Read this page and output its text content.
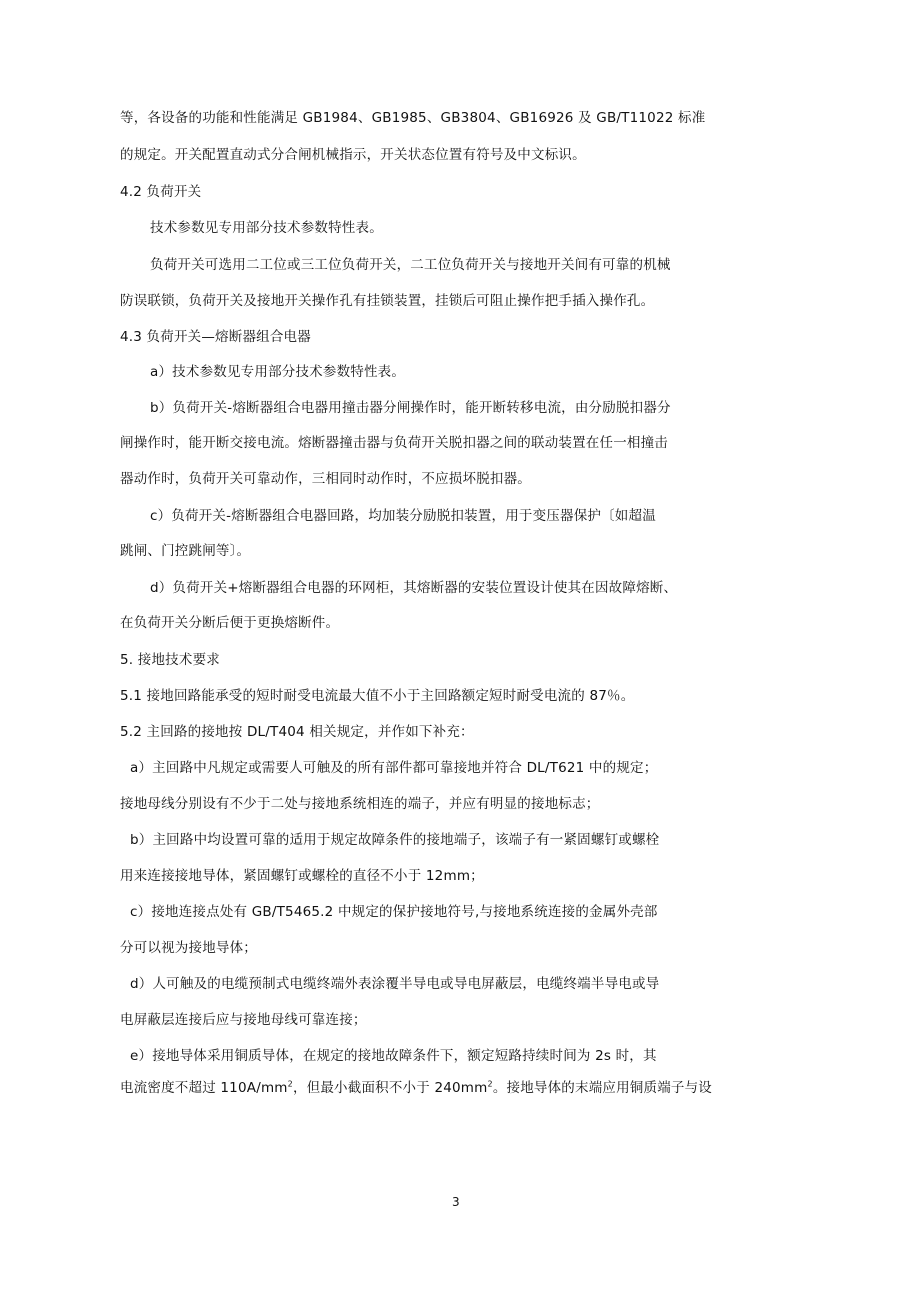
等，各设备的功能和性能满足 GB1984、GB1985、GB3804、GB16926 及 GB/T11022 标准
的规定。开关配置直动式分合闸机械指示，开关状态位置有符号及中文标识。
4.2 负荷开关
技术参数见专用部分技术参数特性表。
负荷开关可选用二工位或三工位负荷开关，二工位负荷开关与接地开关间有可靠的机械
防误联锁，负荷开关及接地开关操作孔有挂锁装置，挂锁后可阻止操作把手插入操作孔。
4.3 负荷开关—熔断器组合电器
a）技术参数见专用部分技术参数特性表。
b）负荷开关-熔断器组合电器用撞击器分闸操作时，能开断转移电流，由分励脱扣器分
闸操作时，能开断交接电流。熔断器撞击器与负荷开关脱扣器之间的联动装置在任一相撞击
器动作时，负荷开关可靠动作，三相同时动作时，不应损坏脱扣器。
c）负荷开关-熔断器组合电器回路，均加装分励脱扣装置，用于变压器保护〔如超温
跳闸、门控跳闸等〕。
d）负荷开关+熔断器组合电器的环网柜，其熔断器的安装位置设计使其在因故障熔断、
在负荷开关分断后便于更换熔断件。
5. 接地技术要求
5.1 接地回路能承受的短时耐受电流最大值不小于主回路额定短时耐受电流的 87％。
5.2 主回路的接地按 DL/T404 相关规定，并作如下补充：
a）主回路中凡规定或需要人可触及的所有部件都可靠接地并符合 DL/T621 中的规定；
接地母线分别设有不少于二处与接地系统相连的端子，并应有明显的接地标志；
b）主回路中均设置可靠的适用于规定故障条件的接地端子，该端子有一紧固螺钉或螺栓
用来连接接地导体，紧固螺钉或螺栓的直径不小于 12mm；
c）接地连接点处有 GB/T5465.2 中规定的保护接地符号,与接地系统连接的金属外壳部
分可以视为接地导体；
d）人可触及的电缆预制式电缆终端外表涂覆半导电或导电屏蔽层，电缆终端半导电或导
电屏蔽层连接后应与接地母线可靠连接；
e）接地导体采用铜质导体，在规定的接地故障条件下，额定短路持续时间为 2s 时，其
电流密度不超过 $110A/mm^2$，但最小截面积不小于 $240mm^2$。接地导体的末端应用铜质端子与设
3
